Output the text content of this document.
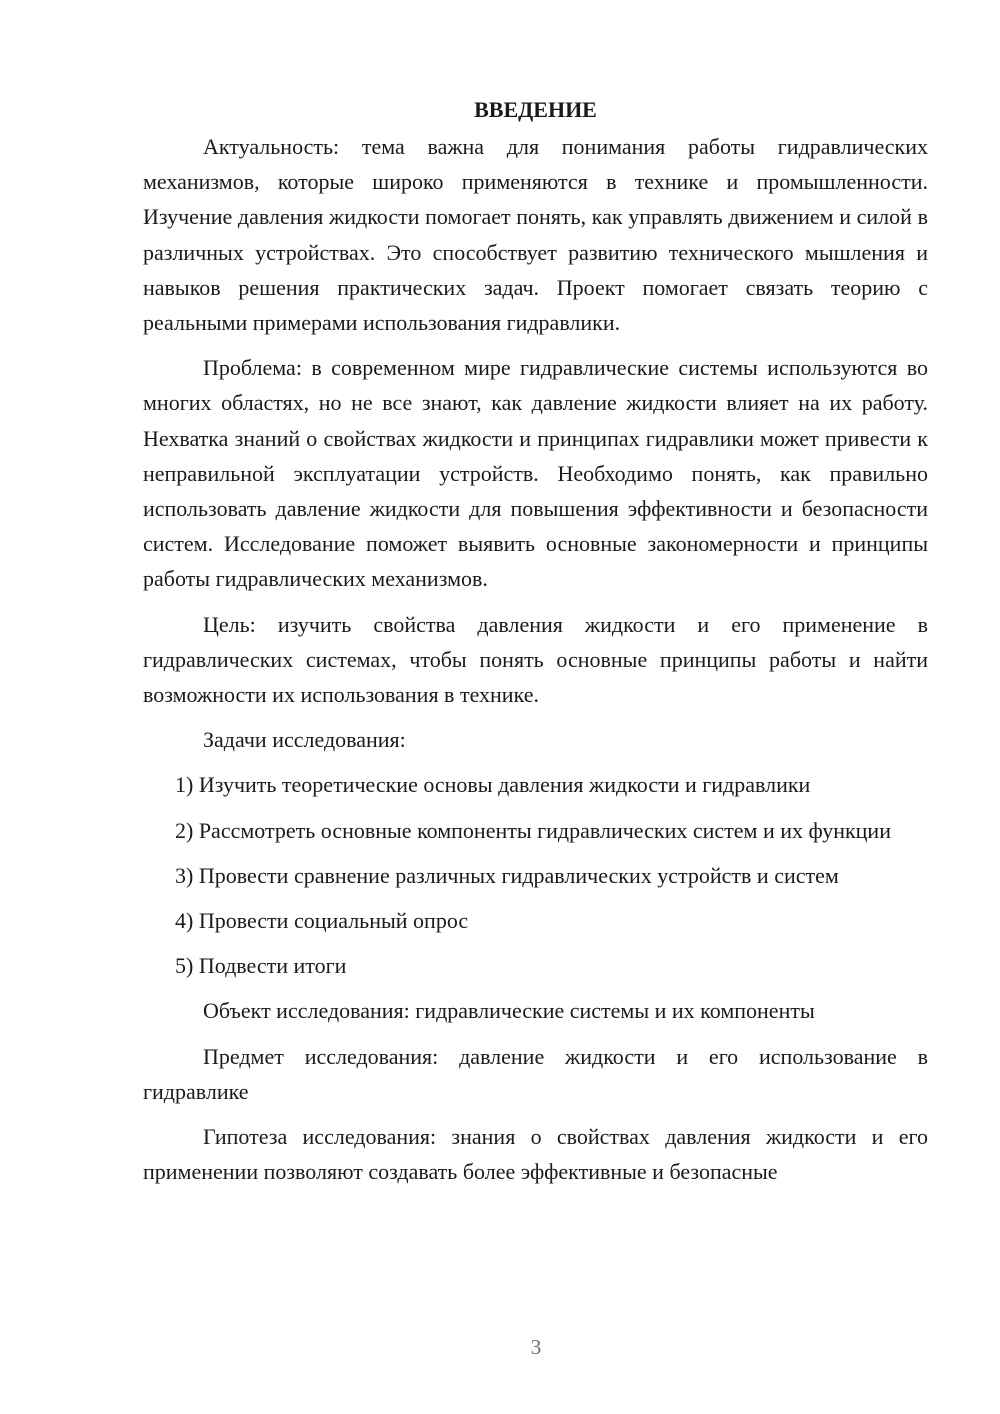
ВВЕДЕНИЕ

Актуальность: тема важна для понимания работы гидравлических механизмов, которые широко применяются в технике и промышленности. Изучение давления жидкости помогает понять, как управлять движением и силой в различных устройствах. Это способствует развитию технического мышления и навыков решения практических задач. Проект помогает связать теорию с реальными примерами использования гидравлики.

Проблема: в современном мире гидравлические системы используются во многих областях, но не все знают, как давление жидкости влияет на их работу. Нехватка знаний о свойствах жидкости и принципах гидравлики может привести к неправильной эксплуатации устройств. Необходимо понять, как правильно использовать давление жидкости для повышения эффективности и безопасности систем. Исследование поможет выявить основные закономерности и принципы работы гидравлических механизмов.

Цель: изучить свойства давления жидкости и его применение в гидравлических системах, чтобы понять основные принципы работы и найти возможности их использования в технике.

Задачи исследования:

1) Изучить теоретические основы давления жидкости и гидравлики

2) Рассмотреть основные компоненты гидравлических систем и их функции

3) Провести сравнение различных гидравлических устройств и систем

4) Провести социальный опрос

5) Подвести итоги

Объект исследования: гидравлические системы и их компоненты

Предмет исследования: давление жидкости и его использование в гидравлике

Гипотеза исследования: знания о свойствах давления жидкости и его применении позволяют создавать более эффективные и безопасные

3
